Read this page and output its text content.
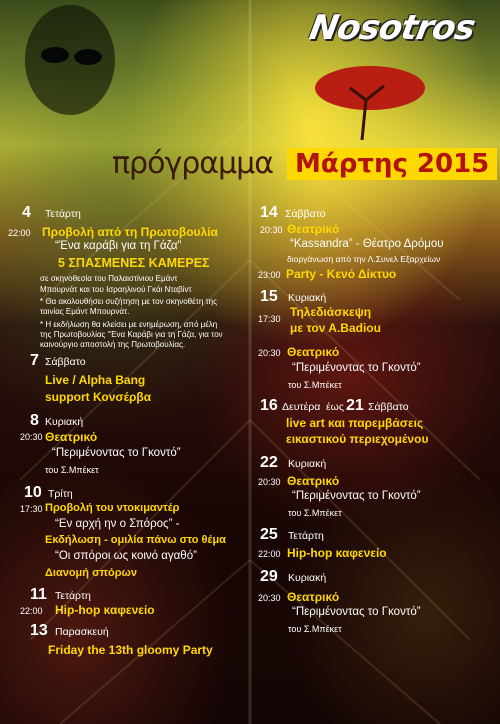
Nosotros
πρόγραμμα Μάρτης 2015
4 Τετάρτη
22:00 Προβολή από τη Πρωτοβουλία
“Ένα καράβι για τη Γάζα”
5 ΣΠΑΣΜΕΝΕΣ ΚΑΜΕΡΕΣ
σε σκηνοθεσία του Παλαιστίνιου Εμάντ
Μπουρνάτ και του Ισραηλινού Γκάι Νταβίντ
* Θα ακολουθήσει συζήτηση με τον σκηνοθέτη της
ταινίας Εμάντ Μπουρνάτ.
* Η εκδήλωση θα κλείσει με ενημέρωση, από μέλη
της Πρωτοβουλίας “Ένα Καράβι για τη Γάζα, για τον
καινούργιο αποστολή της Πρωτοβουλίας.
7 Σάββατο
Live / Alpha Bang
support Κονσέρβα
8 Κυριακή
20:30 Θεατρικό
“Περιμένοντας το Γκοντό”
του Σ.Μπέκετ
10 Τρίτη
17:30 Προβολή του ντοκιμαντέρ
“Εν αρχή ην ο Σπόρος” -
Εκδήλωση - ομιλία πάνω στο θέμα
“Οι σπόροι ως κοινό αγαθό”
Διανομή σπόρων
11 Τετάρτη
22:00 Hip-hop καφενείο
13 Παρασκευή
Friday the 13th gloomy Party
14 Σάββατο
20:30 Θεατρικό
“Kassandra” - Θέατρο Δρόμου
διοργάνωση από την Λ.Συνελ Εξαρχείων
23:00 Party - Κενό Δίκτυο
15 Κυριακή
17:30 Τηλεδιάσκεψη
με τον Α.Badiou
20:30 Θεατρικό
“Περιμένοντας το Γκοντό”
του Σ.Μπέκετ
16 Δευτέρα έως 21 Σάββατο
live art και παρεμβάσεις
εικαστικού περιεχομένου
22 Κυριακή
20:30 Θεατρικό
“Περιμένοντας το Γκοντό”
του Σ.Μπέκετ
25 Τετάρτη
22:00 Hip-hop καφενείο
29 Κυριακή
20:30 Θεατρικό
“Περιμένοντας το Γκοντό”
του Σ.Μπέκετ
